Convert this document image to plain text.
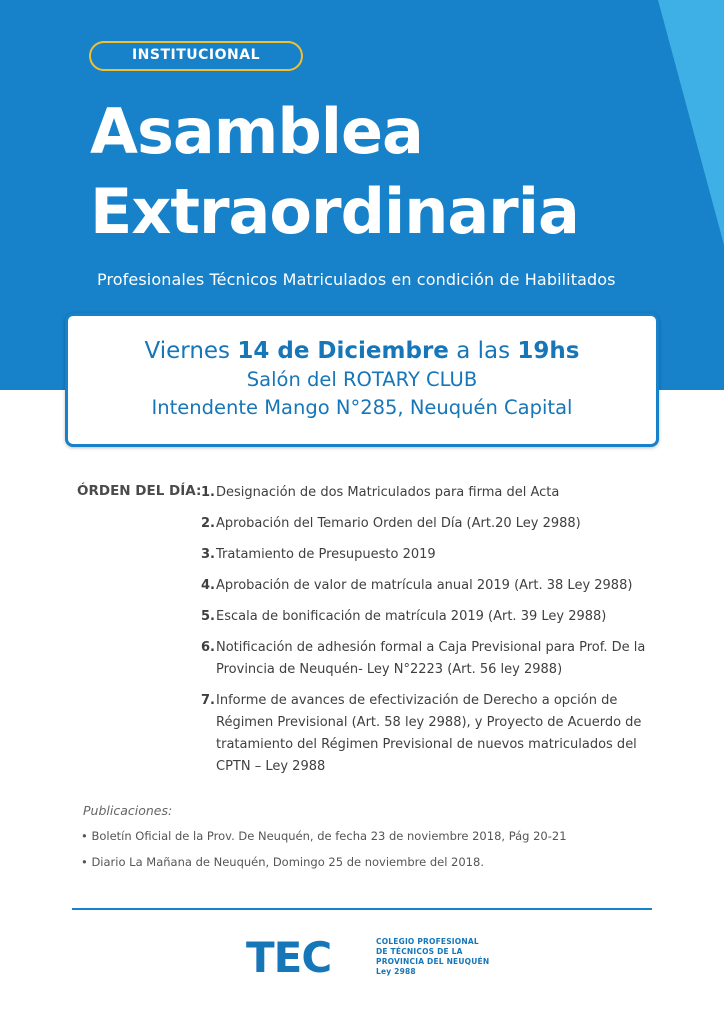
INSTITUCIONAL
Asamblea
Extraordinaria
Profesionales Técnicos Matriculados en condición de Habilitados
Viernes 14 de Diciembre a las 19hs
Salón del ROTARY CLUB
Intendente Mango N°285, Neuquén Capital
ÓRDEN DEL DÍA: 1. Designación de dos Matriculados para firma del Acta
2. Aprobación del Temario Orden del Día (Art.20 Ley 2988)
3. Tratamiento de Presupuesto 2019
4. Aprobación de valor de matrícula anual 2019 (Art. 38 Ley 2988)
5. Escala de bonificación de matrícula 2019 (Art. 39 Ley 2988)
6. Notificación de adhesión formal a Caja Previsional para Prof. De la Provincia de Neuquén- Ley N°2223 (Art. 56 ley 2988)
7. Informe de avances de efectivización de Derecho a opción de Régimen Previsional (Art. 58 ley 2988), y Proyecto de Acuerdo de tratamiento del Régimen Previsional de nuevos matriculados del CPTN – Ley 2988
Publicaciones:
• Boletín Oficial de la Prov. De Neuquén, de fecha 23 de noviembre 2018, Pág 20-21
• Diario La Mañana de Neuquén, Domingo 25 de noviembre del 2018.
TEC	COLEGIO PROFESIONAL
DE TÉCNICOS DE LA
PROVINCIA DEL NEUQUÉN
Ley 2988
